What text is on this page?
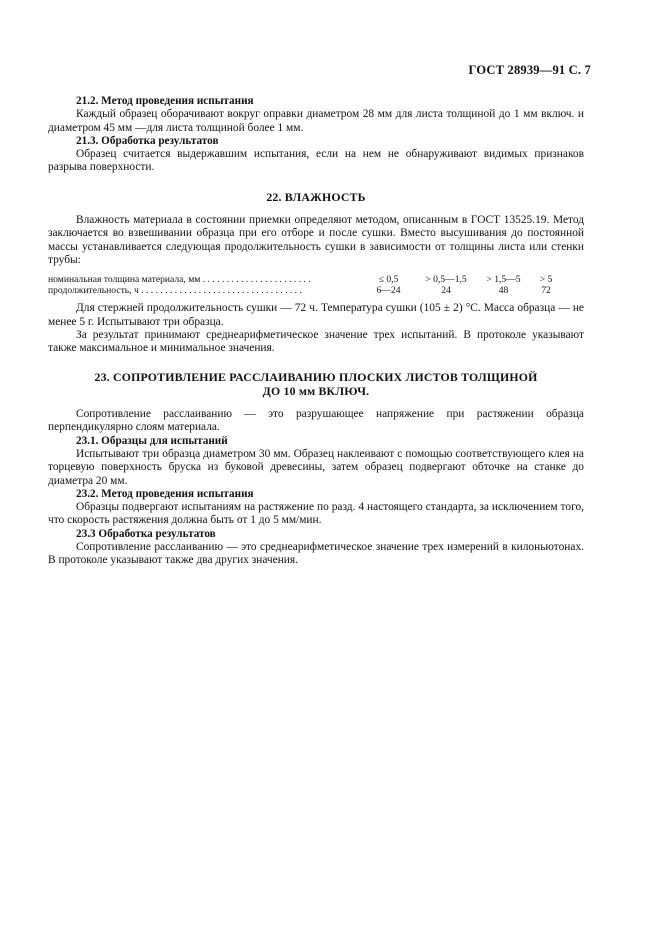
ГОСТ 28939—91 С. 7

21.2. Метод проведения испытания

Каждый образец оборачивают вокруг оправки диаметром 28 мм для листа толщиной до 1 мм включ. и диаметром 45 мм —для листа толщиной более 1 мм.

21.3. Обработка результатов

Образец считается выдержавшим испытания, если на нем не обнаруживают видимых признаков разрыва поверхности.

22. ВЛАЖНОСТЬ

Влажность материала в состоянии приемки определяют методом, описанным в ГОСТ 13525.19. Метод заключается во взвешивании образца при его отборе и после сушки. Вместо высушивания до постоянной массы устанавливается следующая продолжительность сушки в зависимости от толщины листа или стенки трубы:

номинальная толщина материала, мм . . . . . . . . . . . . . . . . . . . . . . .	≤ 0,5	> 0,5—1,5	> 1,5—5	> 5
продолжительность, ч . . . . . . . . . . . . . . . . . . . . . . . . . . . . . . . . . .	6—24	24	48	72

Для стержней продолжительность сушки — 72 ч. Температура сушки (105 ± 2) °С. Масса образца — не менее 5 г. Испытывают три образца.

За результат принимают среднеарифметическое значение трех испытаний. В протоколе указывают также максимальное и минимальное значения.

23. СОПРОТИВЛЕНИЕ РАССЛАИВАНИЮ ПЛОСКИХ ЛИСТОВ ТОЛЩИНОЙ
ДО 10 мм ВКЛЮЧ.

Сопротивление расслаиванию — это разрушающее напряжение при растяжении образца перпендикулярно слоям материала.

23.1. Образцы для испытаний

Испытывают три образца диаметром 30 мм. Образец наклеивают с помощью соответствующего клея на торцевую поверхность бруска из буковой древесины, затем образец подвергают обточке на станке до диаметра 20 мм.

23.2. Метод проведения испытания

Образцы подвергают испытаниям на растяжение по разд. 4 настоящего стандарта, за исключением того, что скорость растяжения должна быть от 1 до 5 мм/мин.

23.3 Обработка результатов

Сопротивление расслаиванию — это среднеарифметическое значение трех измерений в килоньютонах. В протоколе указывают также два других значения.
